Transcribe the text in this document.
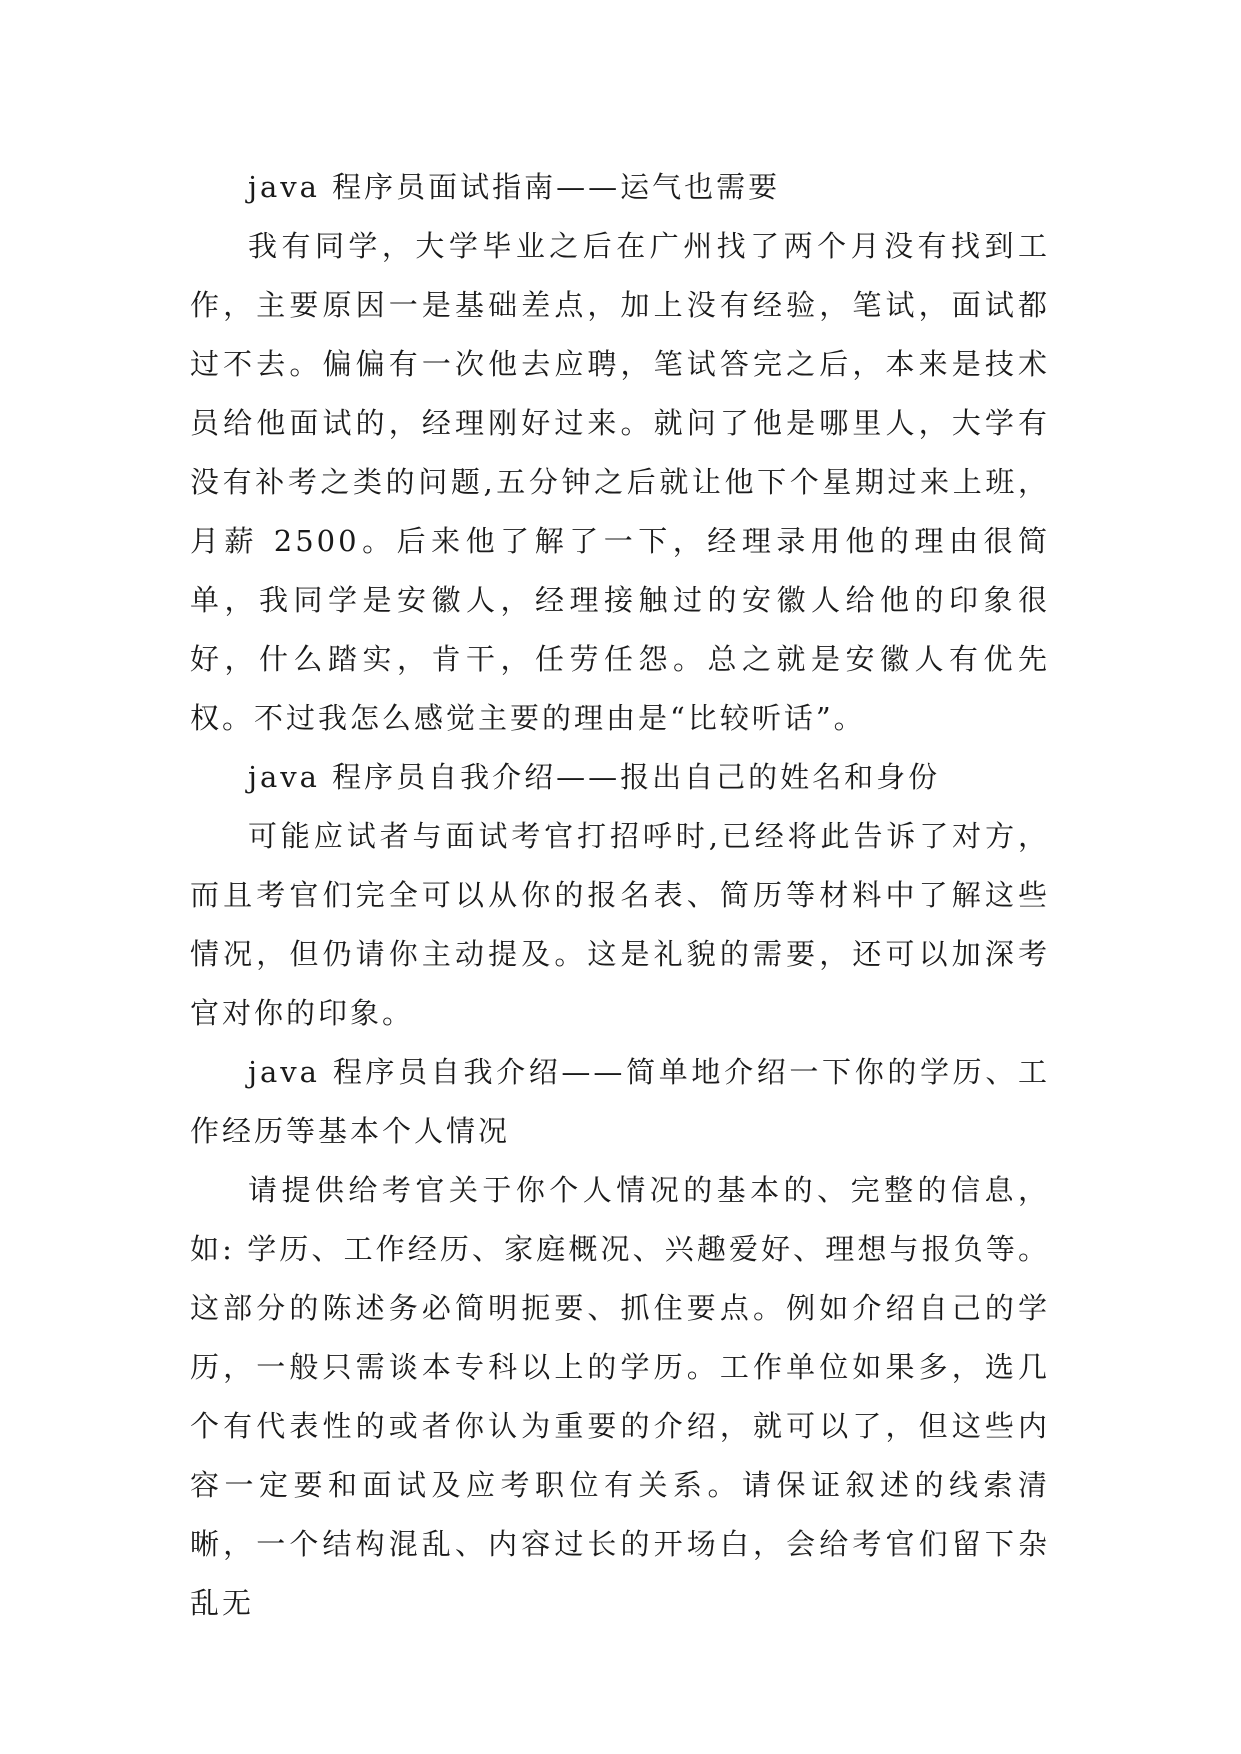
java 程序员面试指南——运气也需要

我有同学，大学毕业之后在广州找了两个月没有找到工作，主要原因一是基础差点，加上没有经验，笔试，面试都过不去。偏偏有一次他去应聘，笔试答完之后，本来是技术员给他面试的，经理刚好过来。就问了他是哪里人，大学有没有补考之类的问题,五分钟之后就让他下个星期过来上班，月薪 2500。后来他了解了一下，经理录用他的理由很简单，我同学是安徽人，经理接触过的安徽人给他的印象很好，什么踏实，肯干，任劳任怨。总之就是安徽人有优先权。不过我怎么感觉主要的理由是“比较听话”。

java 程序员自我介绍——报出自己的姓名和身份

可能应试者与面试考官打招呼时,已经将此告诉了对方，而且考官们完全可以从你的报名表、简历等材料中了解这些情况，但仍请你主动提及。这是礼貌的需要，还可以加深考官对你的印象。

java 程序员自我介绍——简单地介绍一下你的学历、工作经历等基本个人情况

请提供给考官关于你个人情况的基本的、完整的信息，如: 学历、工作经历、家庭概况、兴趣爱好、理想与报负等。这部分的陈述务必简明扼要、抓住要点。例如介绍自己的学历，一般只需谈本专科以上的学历。工作单位如果多，选几个有代表性的或者你认为重要的介绍，就可以了，但这些内容一定要和面试及应考职位有关系。请保证叙述的线索清晰，一个结构混乱、内容过长的开场白，会给考官们留下杂乱无
